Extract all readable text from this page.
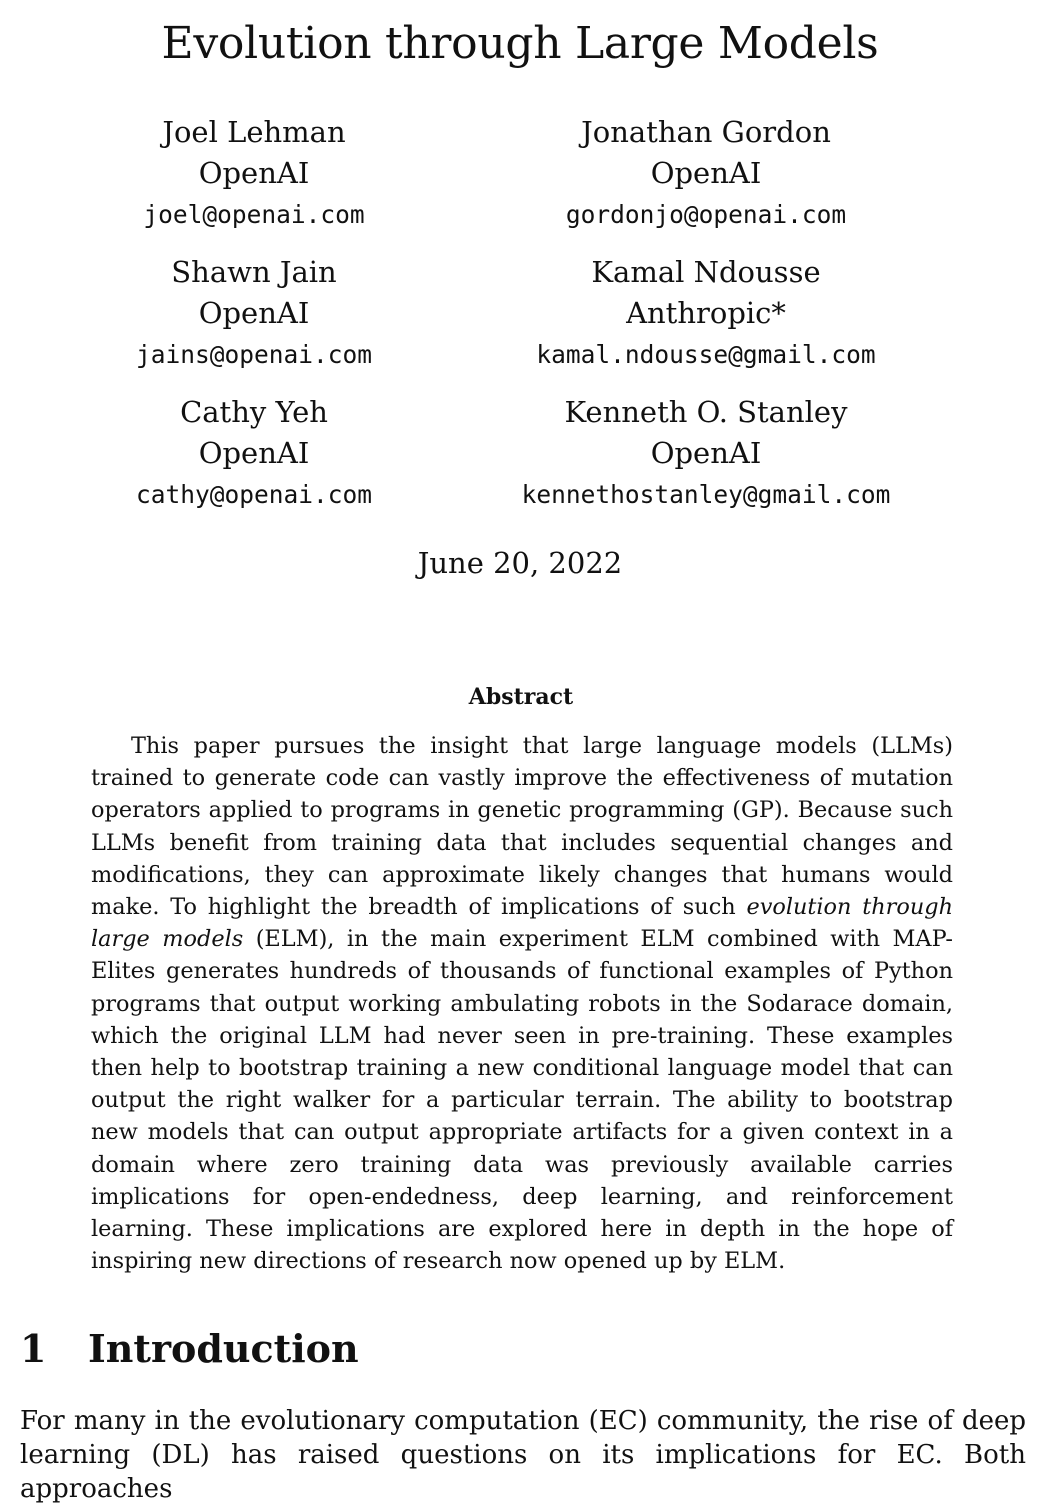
Evolution through Large Models
Joel Lehman
OpenAI
joel@openai.com
Jonathan Gordon
OpenAI
gordonjo@openai.com
Shawn Jain
OpenAI
jains@openai.com
Kamal Ndousse
Anthropic*
kamal.ndousse@gmail.com
Cathy Yeh
OpenAI
cathy@openai.com
Kenneth O. Stanley
OpenAI
kennethostanley@gmail.com
June 20, 2022
Abstract

This paper pursues the insight that large language models (LLMs) trained to generate code can vastly improve the effectiveness of mutation operators applied to programs in genetic programming (GP). Because such LLMs benefit from training data that includes sequential changes and modifications, they can approximate likely changes that humans would make. To highlight the breadth of implications of such evolution through large models (ELM), in the main experiment ELM combined with MAP-Elites generates hundreds of thousands of functional examples of Python programs that output working ambulating robots in the Sodarace domain, which the original LLM had never seen in pre-training. These examples then help to bootstrap training a new conditional language model that can output the right walker for a particular terrain. The ability to bootstrap new models that can output appropriate artifacts for a given context in a domain where zero training data was previously available carries implications for open-endedness, deep learning, and reinforcement learning. These implications are explored here in depth in the hope of inspiring new directions of research now opened up by ELM.

1 Introduction

For many in the evolutionary computation (EC) community, the rise of deep learning (DL) has raised questions on its implications for EC. Both approaches
